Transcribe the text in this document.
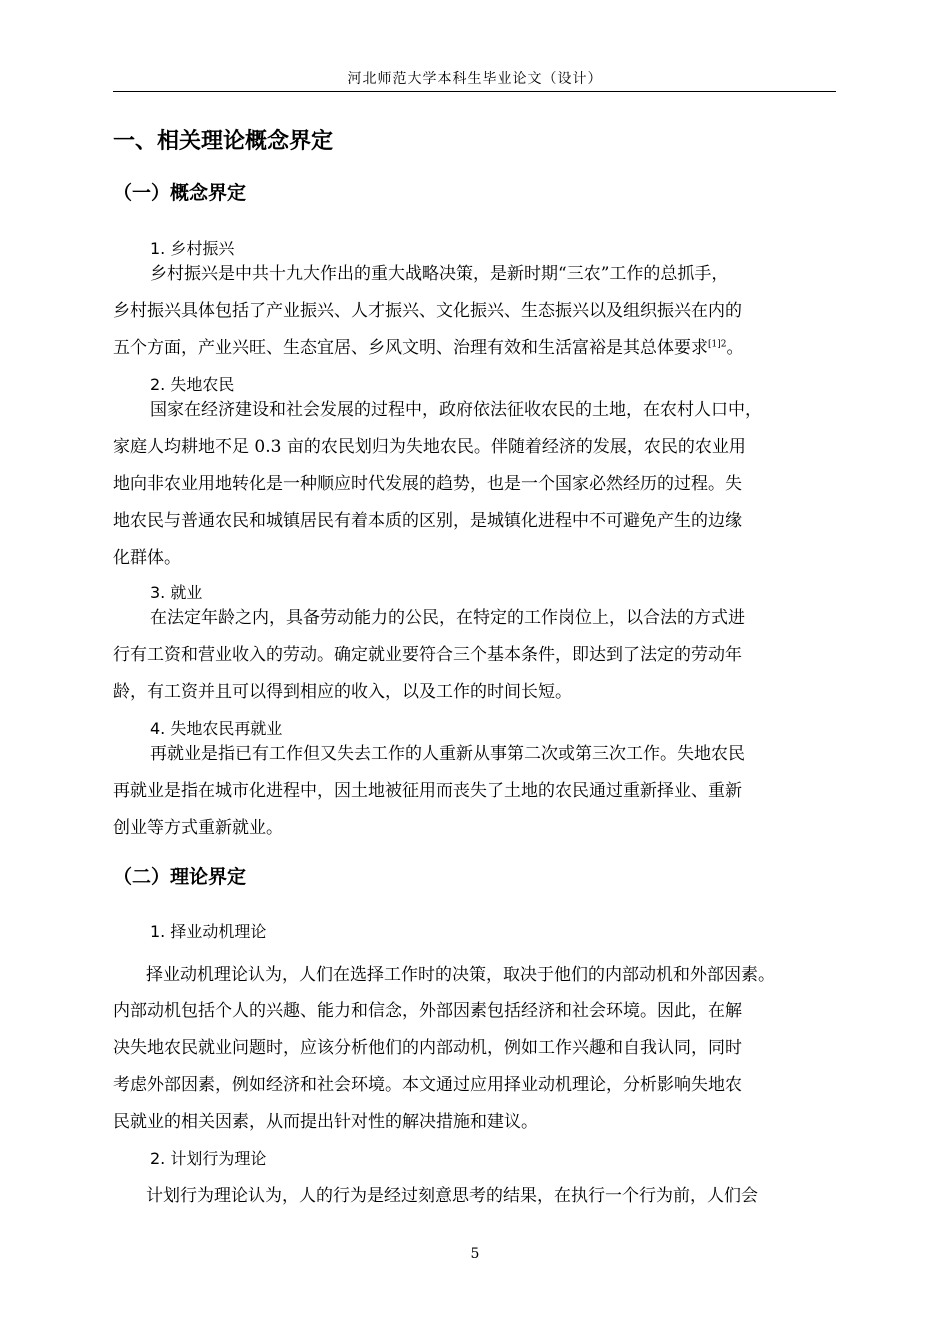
河北师范大学本科生毕业论文（设计）
一、相关理论概念界定
（一）概念界定
1. 乡村振兴
乡村振兴是中共十九大作出的重大战略决策，是新时期“三农”工作的总抓手，
乡村振兴具体包括了产业振兴、人才振兴、文化振兴、生态振兴以及组织振兴在内的
五个方面，产业兴旺、生态宜居、乡风文明、治理有效和生活富裕是其总体要求$^{[1]2}$。
2. 失地农民
国家在经济建设和社会发展的过程中，政府依法征收农民的土地，在农村人口中，
家庭人均耕地不足 0.3 亩的农民划归为失地农民。伴随着经济的发展，农民的农业用
地向非农业用地转化是一种顺应时代发展的趋势，也是一个国家必然经历的过程。失
地农民与普通农民和城镇居民有着本质的区别，是城镇化进程中不可避免产生的边缘
化群体。
3. 就业
在法定年龄之内，具备劳动能力的公民，在特定的工作岗位上，以合法的方式进
行有工资和营业收入的劳动。确定就业要符合三个基本条件，即达到了法定的劳动年
龄，有工资并且可以得到相应的收入，以及工作的时间长短。
4. 失地农民再就业
再就业是指已有工作但又失去工作的人重新从事第二次或第三次工作。失地农民
再就业是指在城市化进程中，因土地被征用而丧失了土地的农民通过重新择业、重新
创业等方式重新就业。
（二）理论界定
1. 择业动机理论
择业动机理论认为，人们在选择工作时的决策，取决于他们的内部动机和外部因素。
内部动机包括个人的兴趣、能力和信念，外部因素包括经济和社会环境。因此，在解
决失地农民就业问题时，应该分析他们的内部动机，例如工作兴趣和自我认同，同时
考虑外部因素，例如经济和社会环境。本文通过应用择业动机理论，分析影响失地农
民就业的相关因素，从而提出针对性的解决措施和建议。
2. 计划行为理论
计划行为理论认为，人的行为是经过刻意思考的结果，在执行一个行为前，人们会
5
